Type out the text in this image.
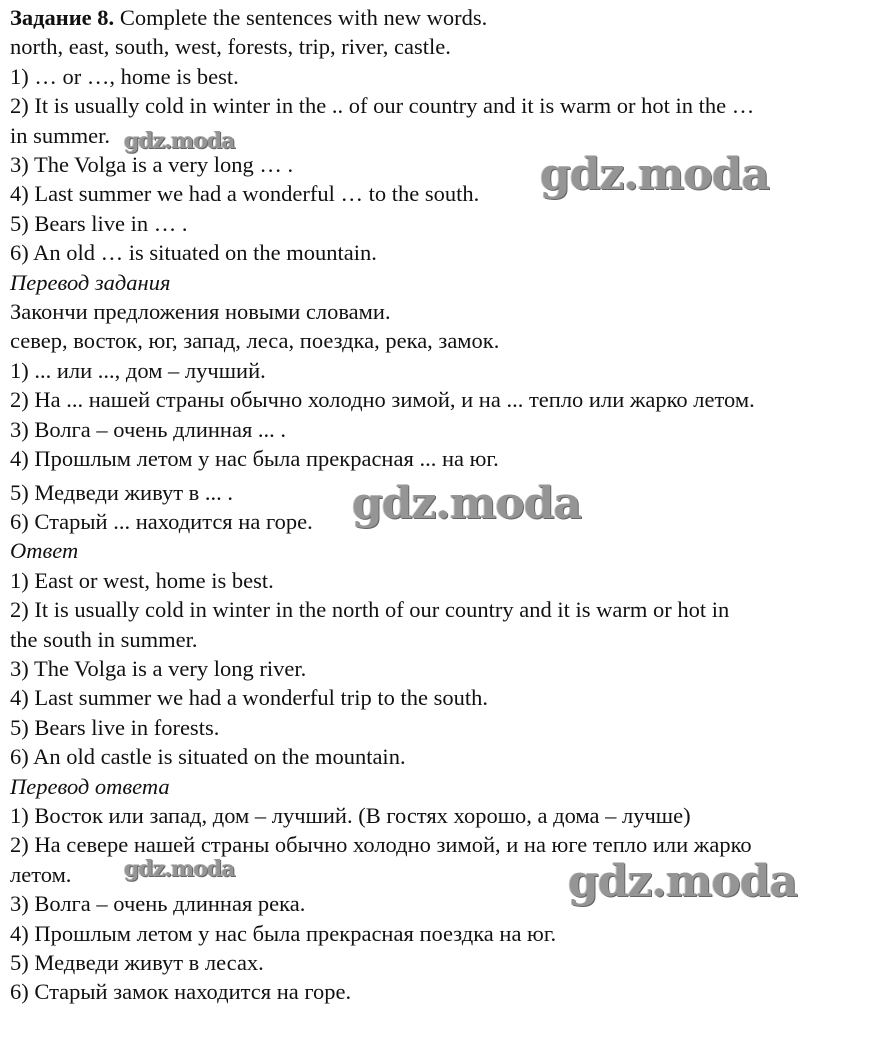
Задание 8. Complete the sentences with new words.
north, east, south, west, forests, trip, river, castle.
1) … or …, home is best.
2) It is usually cold in winter in the .. of our country and it is warm or hot in the …
in summer.
3) The Volga is a very long … .
4) Last summer we had a wonderful … to the south.
5) Bears live in … .
6) An old … is situated on the mountain.
Перевод задания
Закончи предложения новыми словами.
север, восток, юг, запад, леса, поездка, река, замок.
1) ... или ..., дом – лучший.
2) На ... нашей страны обычно холодно зимой, и на ... тепло или жарко летом.
3) Волга – очень длинная ... .
4) Прошлым летом у нас была прекрасная ... на юг.
5) Медведи живут в ... .
6) Старый ... находится на горе.
Ответ
1) East or west, home is best.
2) It is usually cold in winter in the north of our country and it is warm or hot in
the south in summer.
3) The Volga is a very long river.
4) Last summer we had a wonderful trip to the south.
5) Bears live in forests.
6) An old castle is situated on the mountain.
Перевод ответа
1) Восток или запад, дом – лучший. (В гостях хорошо, а дома – лучше)
2) На севере нашей страны обычно холодно зимой, и на юге тепло или жарко
летом.
3) Волга – очень длинная река.
4) Прошлым летом у нас была прекрасная поездка на юг.
5) Медведи живут в лесах.
6) Старый замок находится на горе.
gdz.moda
gdz.moda
gdz.moda
gdz.moda	gdz.moda
